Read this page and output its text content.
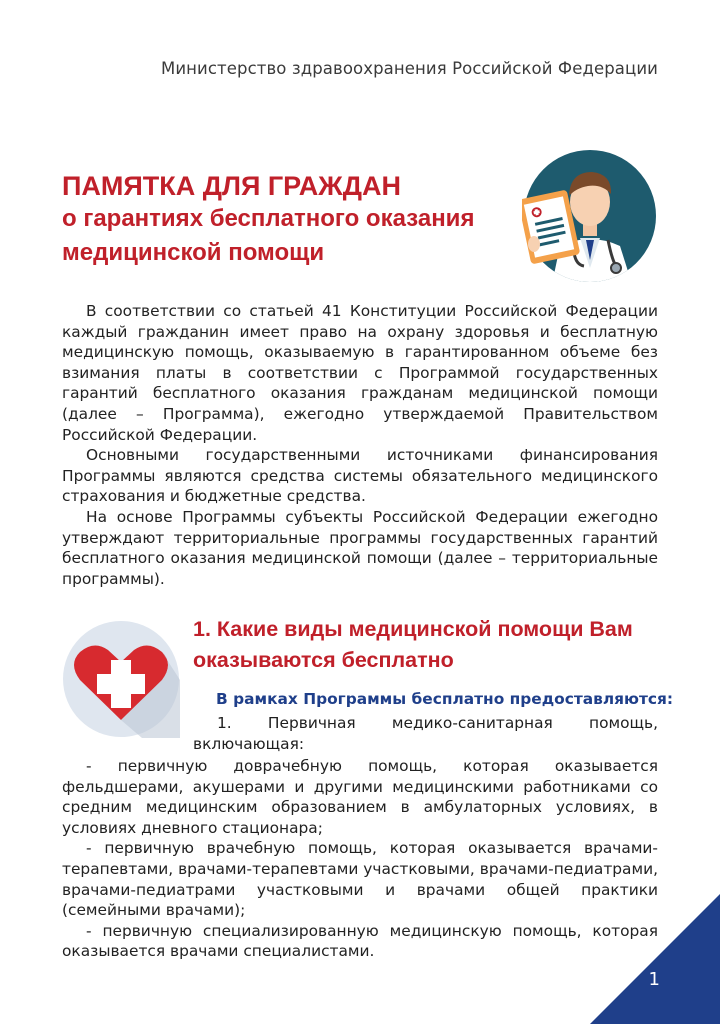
Министерство здравоохранения Российской Федерации
ПАМЯТКА ДЛЯ ГРАЖДАН
о гарантиях бесплатного оказания
медицинской помощи

В соответствии со статьей 41 Конституции Российской Федерации каждый гражданин имеет право на охрану здоровья и бесплатную медицинскую помощь, оказываемую в гарантированном объеме без взимания платы в соответствии с Программой государственных гарантий бесплатного оказания гражданам медицинской помощи (далее – Программа), ежегодно утверждаемой Правительством Российской Федерации.

Основными государственными источниками финансирования Программы являются средства системы обязательного медицинского страхования и бюджетные средства.

На основе Программы субъекты Российской Федерации ежегодно утверждают территориальные программы государственных гарантий бесплатного оказания медицинской помощи (далее – территориальные программы).

1. Какие виды медицинской помощи Вам
оказываются бесплатно
В рамках Программы бесплатно предоставляются:
1. Первичная медико-санитарная помощь, включающая:

- первичную доврачебную помощь, которая оказывается фельдшерами, акушерами и другими медицинскими работниками со средним медицинским образованием в амбулаторных условиях, в условиях дневного стационара;

- первичную врачебную помощь, которая оказывается врачами-терапевтами, врачами-терапевтами участковыми, врачами-педиатрами, врачами-педиатрами участковыми и врачами общей практики (семейными врачами);

- первичную специализированную медицинскую помощь, которая оказывается врачами специалистами.

1
